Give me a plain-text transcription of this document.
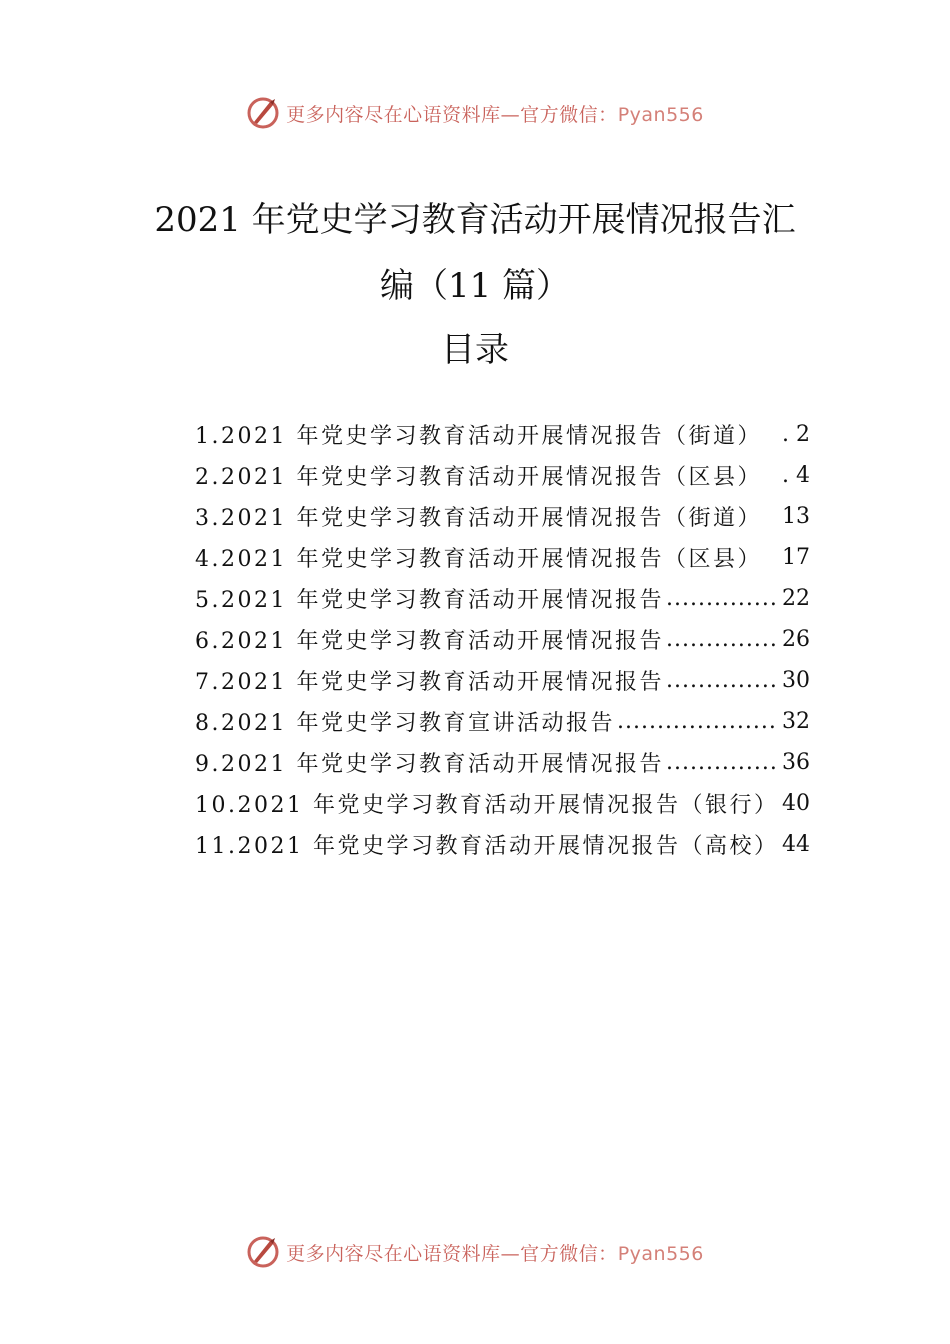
更多内容尽在心语资料库—官方微信：Pyan556
2021 年党史学习教育活动开展情况报告汇
编（11 篇）
目录
1.2021 年党史学习教育活动开展情况报告（街道） . 2
2.2021 年党史学习教育活动开展情况报告（区县） . 4
3.2021 年党史学习教育活动开展情况报告（街道） 13
4.2021 年党史学习教育活动开展情况报告（区县） 17
5.2021 年党史学习教育活动开展情况报告 .....	22
6.2021 年党史学习教育活动开展情况报告 .....	26
7.2021 年党史学习教育活动开展情况报告 .....	30
8.2021 年党史学习教育宣讲活动报告 .....	32
9.2021 年党史学习教育活动开展情况报告 .....	36
10.2021 年党史学习教育活动开展情况报告（银行） 40
11.2021 年党史学习教育活动开展情况报告（高校） 44
更多内容尽在心语资料库—官方微信：Pyan556
